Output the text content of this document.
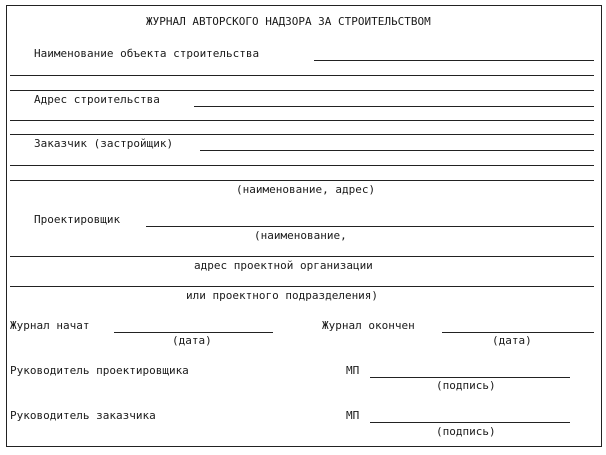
ЖУРНАЛ АВТОРСКОГО НАДЗОРА ЗА СТРОИТЕЛЬСТВОМ
Наименование объекта строительства
Адрес строительства
Заказчик (застройщик)
(наименование, адрес)
Проектировщик
(наименование,
адрес проектной организации
или проектного подразделения)
Журнал начат
(дата)
Журнал окончен
(дата)
Руководитель проектировщика	МП
(подпись)
Руководитель заказчика	МП
(подпись)
